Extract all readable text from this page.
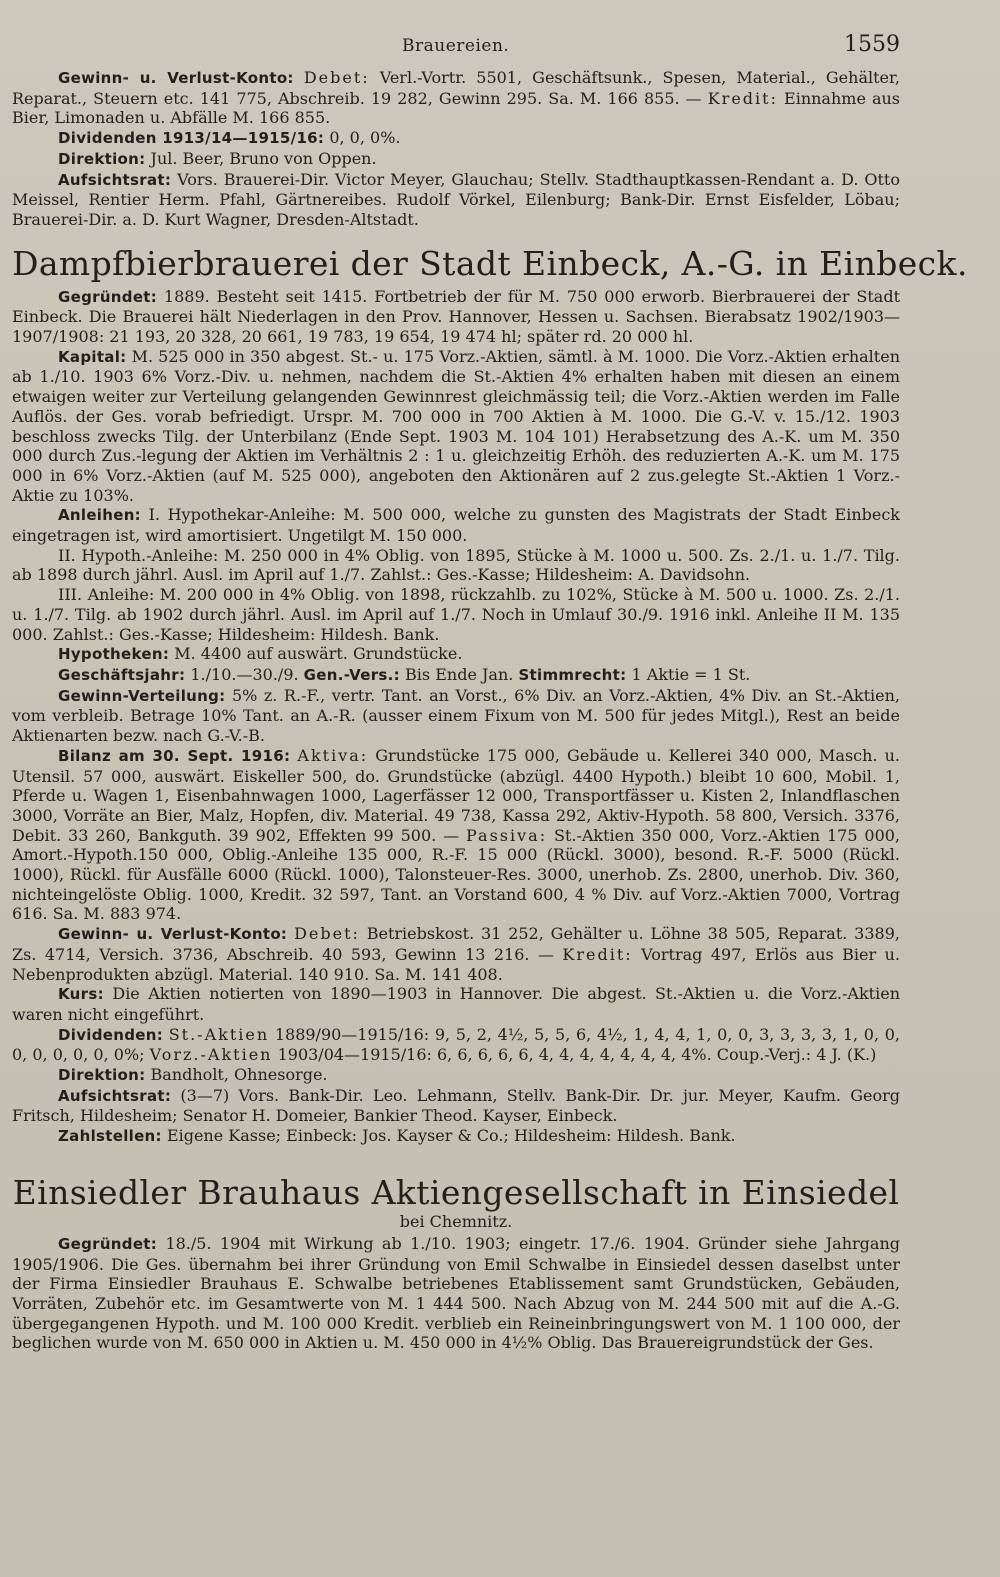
Brauereien.	1559

Gewinn- u. Verlust-Konto: Debet: Verl.-Vortr. 5501, Geschäftsunk., Spesen, Material., Gehälter, Reparat., Steuern etc. 141 775, Abschreib. 19 282, Gewinn 295. Sa. M. 166 855. — Kredit: Einnahme aus Bier, Limonaden u. Abfälle M. 166 855.

Dividenden 1913/14—1915/16: 0, 0, 0%.

Direktion: Jul. Beer, Bruno von Oppen.

Aufsichtsrat: Vors. Brauerei-Dir. Victor Meyer, Glauchau; Stellv. Stadthauptkassen-Rendant a. D. Otto Meissel, Rentier Herm. Pfahl, Gärtnereibes. Rudolf Vörkel, Eilenburg; Bank-Dir. Ernst Eisfelder, Löbau; Brauerei-Dir. a. D. Kurt Wagner, Dresden-Altstadt.

Dampfbierbrauerei der Stadt Einbeck, A.-G. in Einbeck.

Gegründet: 1889. Besteht seit 1415. Fortbetrieb der für M. 750 000 erworb. Bierbrauerei der Stadt Einbeck. Die Brauerei hält Niederlagen in den Prov. Hannover, Hessen u. Sachsen. Bierabsatz 1902/1903—1907/1908: 21 193, 20 328, 20 661, 19 783, 19 654, 19 474 hl; später rd. 20 000 hl.

Kapital: M. 525 000 in 350 abgest. St.- u. 175 Vorz.-Aktien, sämtl. à M. 1000. Die Vorz.-Aktien erhalten ab 1./10. 1903 6% Vorz.-Div. u. nehmen, nachdem die St.-Aktien 4% erhalten haben mit diesen an einem etwaigen weiter zur Verteilung gelangenden Gewinnrest gleichmässig teil; die Vorz.-Aktien werden im Falle Auflös. der Ges. vorab befriedigt. Urspr. M. 700 000 in 700 Aktien à M. 1000. Die G.-V. v. 15./12. 1903 beschloss zwecks Tilg. der Unterbilanz (Ende Sept. 1903 M. 104 101) Herabsetzung des A.-K. um M. 350 000 durch Zus.-legung der Aktien im Verhältnis 2 : 1 u. gleichzeitig Erhöh. des reduzierten A.-K. um M. 175 000 in 6% Vorz.-Aktien (auf M. 525 000), angeboten den Aktionären auf 2 zus.gelegte St.-Aktien 1 Vorz.-Aktie zu 103%.

Anleihen: I. Hypothekar-Anleihe: M. 500 000, welche zu gunsten des Magistrats der Stadt Einbeck eingetragen ist, wird amortisiert. Ungetilgt M. 150 000.

II. Hypoth.-Anleihe: M. 250 000 in 4% Oblig. von 1895, Stücke à M. 1000 u. 500. Zs. 2./1. u. 1./7. Tilg. ab 1898 durch jährl. Ausl. im April auf 1./7. Zahlst.: Ges.-Kasse; Hildesheim: A. Davidsohn.

III. Anleihe: M. 200 000 in 4% Oblig. von 1898, rückzahlb. zu 102%, Stücke à M. 500 u. 1000. Zs. 2./1. u. 1./7. Tilg. ab 1902 durch jährl. Ausl. im April auf 1./7. Noch in Umlauf 30./9. 1916 inkl. Anleihe II M. 135 000. Zahlst.: Ges.-Kasse; Hildesheim: Hildesh. Bank.

Hypotheken: M. 4400 auf auswärt. Grundstücke.

Geschäftsjahr: 1./10.—30./9. Gen.-Vers.: Bis Ende Jan. Stimmrecht: 1 Aktie = 1 St.

Gewinn-Verteilung: 5% z. R.-F., vertr. Tant. an Vorst., 6% Div. an Vorz.-Aktien, 4% Div. an St.-Aktien, vom verbleib. Betrage 10% Tant. an A.-R. (ausser einem Fixum von M. 500 für jedes Mitgl.), Rest an beide Aktienarten bezw. nach G.-V.-B.

Bilanz am 30. Sept. 1916: Aktiva: Grundstücke 175 000, Gebäude u. Kellerei 340 000, Masch. u. Utensil. 57 000, auswärt. Eiskeller 500, do. Grundstücke (abzügl. 4400 Hypoth.) bleibt 10 600, Mobil. 1, Pferde u. Wagen 1, Eisenbahnwagen 1000, Lagerfässer 12 000, Transportfässer u. Kisten 2, Inlandflaschen 3000, Vorräte an Bier, Malz, Hopfen, div. Material. 49 738, Kassa 292, Aktiv-Hypoth. 58 800, Versich. 3376, Debit. 33 260, Bankguth. 39 902, Effekten 99 500. — Passiva: St.-Aktien 350 000, Vorz.-Aktien 175 000, Amort.-Hypoth.150 000, Oblig.-Anleihe 135 000, R.-F. 15 000 (Rückl. 3000), besond. R.-F. 5000 (Rückl. 1000), Rückl. für Ausfälle 6000 (Rückl. 1000), Talonsteuer-Res. 3000, unerhob. Zs. 2800, unerhob. Div. 360, nichteingelöste Oblig. 1000, Kredit. 32 597, Tant. an Vorstand 600, 4 % Div. auf Vorz.-Aktien 7000, Vortrag 616. Sa. M. 883 974.

Gewinn- u. Verlust-Konto: Debet: Betriebskost. 31 252, Gehälter u. Löhne 38 505, Reparat. 3389, Zs. 4714, Versich. 3736, Abschreib. 40 593, Gewinn 13 216. — Kredit: Vortrag 497, Erlös aus Bier u. Nebenprodukten abzügl. Material. 140 910. Sa. M. 141 408.

Kurs: Die Aktien notierten von 1890—1903 in Hannover. Die abgest. St.-Aktien u. die Vorz.-Aktien waren nicht eingeführt.

Dividenden: St.-Aktien 1889/90—1915/16: 9, 5, 2, 4½, 5, 5, 6, 4½, 1, 4, 4, 1, 0, 0, 3, 3, 3, 3, 1, 0, 0, 0, 0, 0, 0, 0, 0%; Vorz.-Aktien 1903/04—1915/16: 6, 6, 6, 6, 6, 4, 4, 4, 4, 4, 4, 4, 4%. Coup.-Verj.: 4 J. (K.)

Direktion: Bandholt, Ohnesorge.

Aufsichtsrat: (3—7) Vors. Bank-Dir. Leo. Lehmann, Stellv. Bank-Dir. Dr. jur. Meyer, Kaufm. Georg Fritsch, Hildesheim; Senator H. Domeier, Bankier Theod. Kayser, Einbeck.

Zahlstellen: Eigene Kasse; Einbeck: Jos. Kayser & Co.; Hildesheim: Hildesh. Bank.

Einsiedler Brauhaus Aktiengesellschaft in Einsiedel
bei Chemnitz.

Gegründet: 18./5. 1904 mit Wirkung ab 1./10. 1903; eingetr. 17./6. 1904. Gründer siehe Jahrgang 1905/1906. Die Ges. übernahm bei ihrer Gründung von Emil Schwalbe in Einsiedel dessen daselbst unter der Firma Einsiedler Brauhaus E. Schwalbe betriebenes Etablissement samt Grundstücken, Gebäuden, Vorräten, Zubehör etc. im Gesamtwerte von M. 1 444 500. Nach Abzug von M. 244 500 mit auf die A.-G. übergegangenen Hypoth. und M. 100 000 Kredit. verblieb ein Reineinbringungswert von M. 1 100 000, der beglichen wurde von M. 650 000 in Aktien u. M. 450 000 in 4½% Oblig. Das Brauereigrundstück der Ges.
